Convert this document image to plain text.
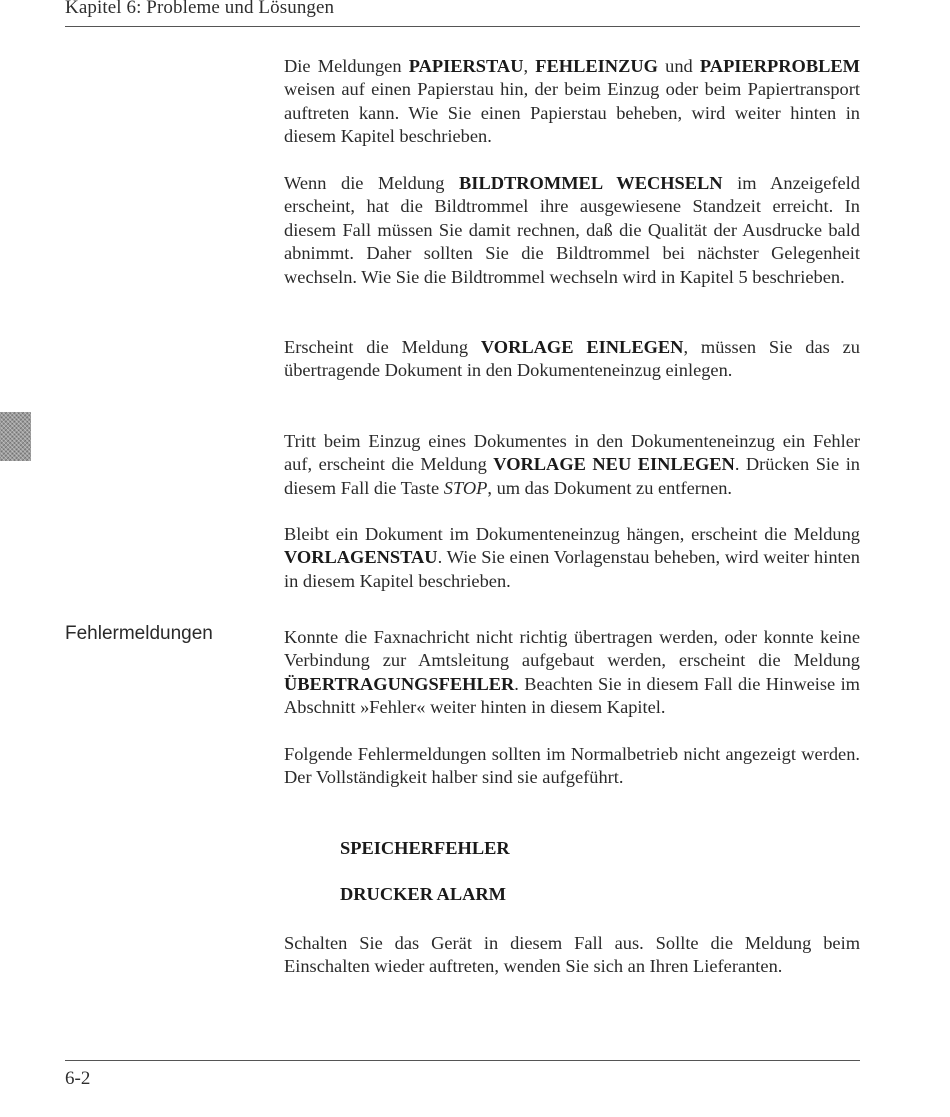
Kapitel 6: Probleme und Lösungen
Fehlermeldungen

Die Meldungen PAPIERSTAU, FEHLEINZUG und PAPIERPROBLEM weisen auf einen Papierstau hin, der beim Einzug oder beim Papiertransport auftreten kann. Wie Sie einen Papierstau beheben, wird weiter hinten in diesem Kapitel beschrieben.

Wenn die Meldung BILDTROMMEL WECHSELN im Anzeigefeld erscheint, hat die Bildtrommel ihre ausgewiesene Standzeit erreicht. In diesem Fall müssen Sie damit rechnen, daß die Qualität der Ausdrucke bald abnimmt. Daher sollten Sie die Bildtrommel bei nächster Gelegenheit wechseln. Wie Sie die Bildtrommel wechseln wird in Kapitel 5 beschrieben.

Erscheint die Meldung VORLAGE EINLEGEN, müssen Sie das zu übertragende Dokument in den Dokumenteneinzug einlegen.

Tritt beim Einzug eines Dokumentes in den Dokumenteneinzug ein Fehler auf, erscheint die Meldung VORLAGE NEU EINLEGEN. Drücken Sie in diesem Fall die Taste STOP, um das Dokument zu entfernen.

Bleibt ein Dokument im Dokumenteneinzug hängen, erscheint die Meldung VORLAGENSTAU. Wie Sie einen Vorlagenstau beheben, wird weiter hinten in diesem Kapitel beschrieben.

Konnte die Faxnachricht nicht richtig übertragen werden, oder konnte keine Verbindung zur Amtsleitung aufgebaut werden, erscheint die Meldung ÜBERTRAGUNGSFEHLER. Beachten Sie in diesem Fall die Hinweise im Abschnitt »Fehler« weiter hinten in diesem Kapitel.

Folgende Fehlermeldungen sollten im Normalbetrieb nicht angezeigt werden. Der Vollständigkeit halber sind sie aufgeführt.

SPEICHERFEHLER

DRUCKER ALARM

Schalten Sie das Gerät in diesem Fall aus. Sollte die Meldung beim Einschalten wieder auftreten, wenden Sie sich an Ihren Lieferanten.

6-2
